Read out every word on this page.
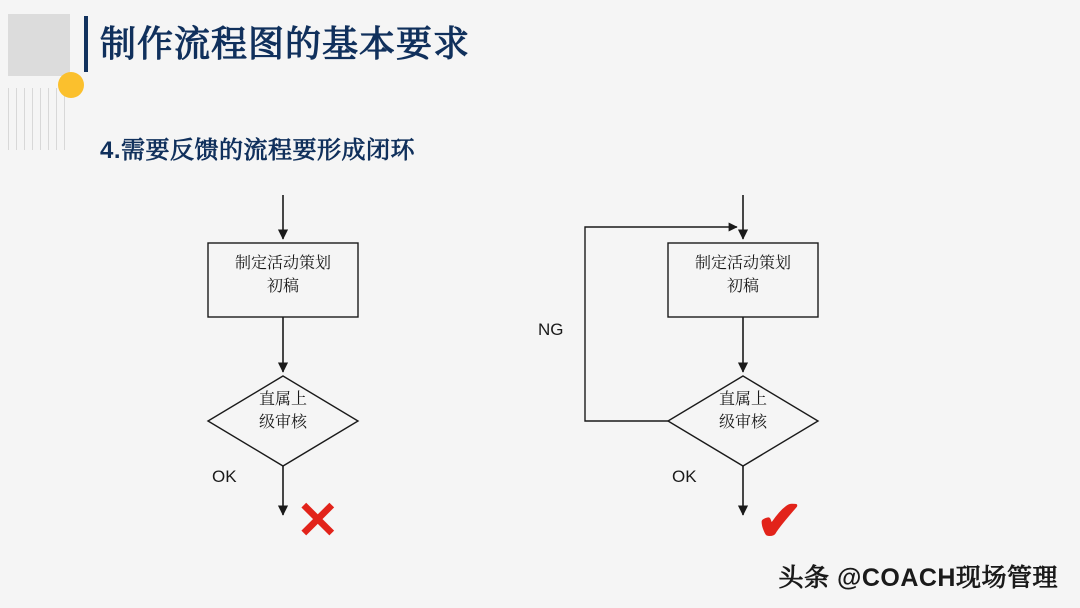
制作流程图的基本要求
4.需要反馈的流程要形成闭环
制定活动策划
初稿
直属上
级审核
OK
✕
制定活动策划
初稿
直属上
级审核
OK
NG
✔
头条 @COACH现场管理
